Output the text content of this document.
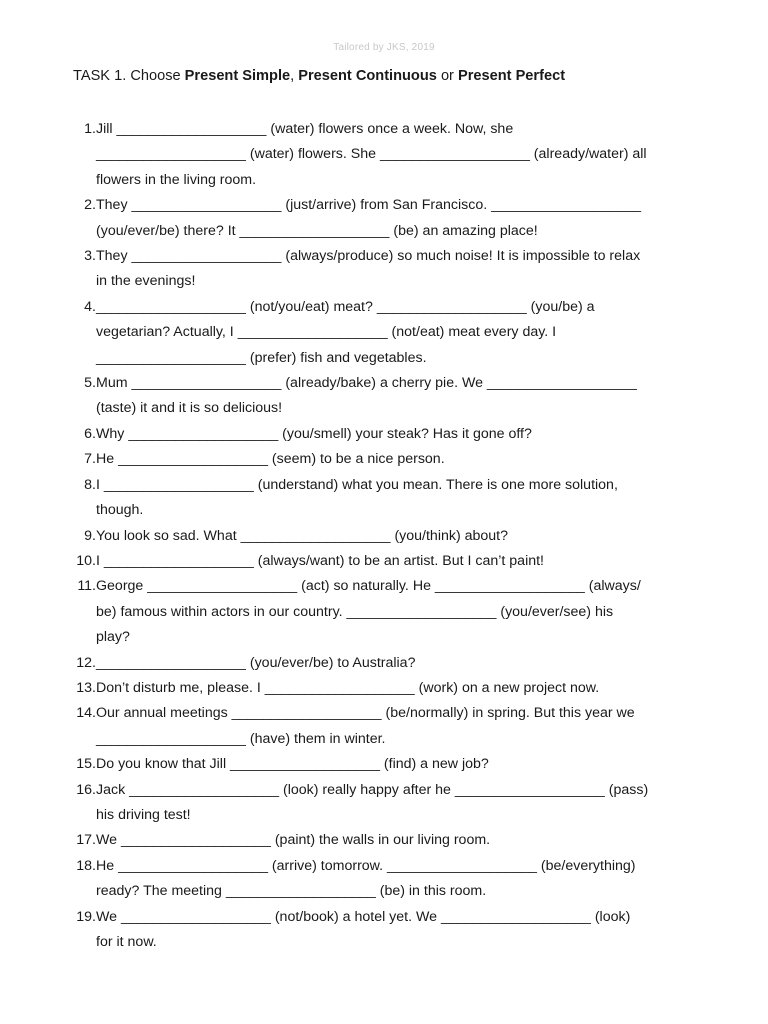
Tailored by JKS, 2019
TASK 1. Choose Present Simple, Present Continuous or Present Perfect
1. Jill ___________________ (water) flowers once a week. Now, she
___________________ (water) flowers. She ___________________ (already/water) all
flowers in the living room.
2. They ___________________ (just/arrive) from San Francisco. ___________________
(you/ever/be) there? It ___________________ (be) an amazing place!
3. They ___________________ (always/produce) so much noise! It is impossible to relax
in the evenings!
4. ___________________ (not/you/eat) meat? ___________________ (you/be) a
vegetarian? Actually, I ___________________ (not/eat) meat every day. I
___________________ (prefer) fish and vegetables.
5. Mum ___________________ (already/bake) a cherry pie. We ___________________
(taste) it and it is so delicious!
6. Why ___________________ (you/smell) your steak? Has it gone off?
7. He ___________________ (seem) to be a nice person.
8. I ___________________ (understand) what you mean. There is one more solution,
though.
9. You look so sad. What ___________________ (you/think) about?
10. I ___________________ (always/want) to be an artist. But I can’t paint!
11. George ___________________ (act) so naturally. He ___________________ (always/
be) famous within actors in our country. ___________________ (you/ever/see) his
play?
12. ___________________ (you/ever/be) to Australia?
13. Don’t disturb me, please. I ___________________ (work) on a new project now.
14. Our annual meetings ___________________ (be/normally) in spring. But this year we
___________________ (have) them in winter.
15. Do you know that Jill ___________________ (find) a new job?
16. Jack ___________________ (look) really happy after he ___________________ (pass)
his driving test!
17. We ___________________ (paint) the walls in our living room.
18. He ___________________ (arrive) tomorrow. ___________________ (be/everything)
ready? The meeting ___________________ (be) in this room.
19. We ___________________ (not/book) a hotel yet. We ___________________ (look)
for it now.
